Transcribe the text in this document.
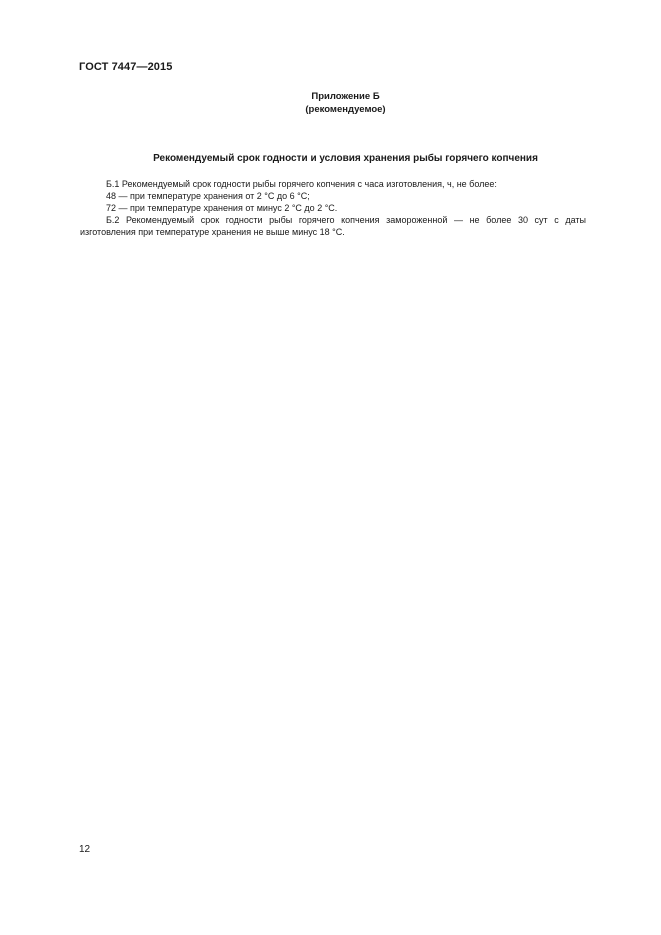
ГОСТ 7447—2015
Приложение Б
(рекомендуемое)
Рекомендуемый срок годности и условия хранения рыбы горячего копчения

Б.1 Рекомендуемый срок годности рыбы горячего копчения с часа изготовления, ч, не более:

48 — при температуре хранения от 2 °С до 6 °С;

72 — при температуре хранения от минус 2 °С до 2 °С.

Б.2 Рекомендуемый срок годности рыбы горячего копчения замороженной — не более 30 сут с даты изготовления при температуре хранения не выше минус 18 °С.

12
